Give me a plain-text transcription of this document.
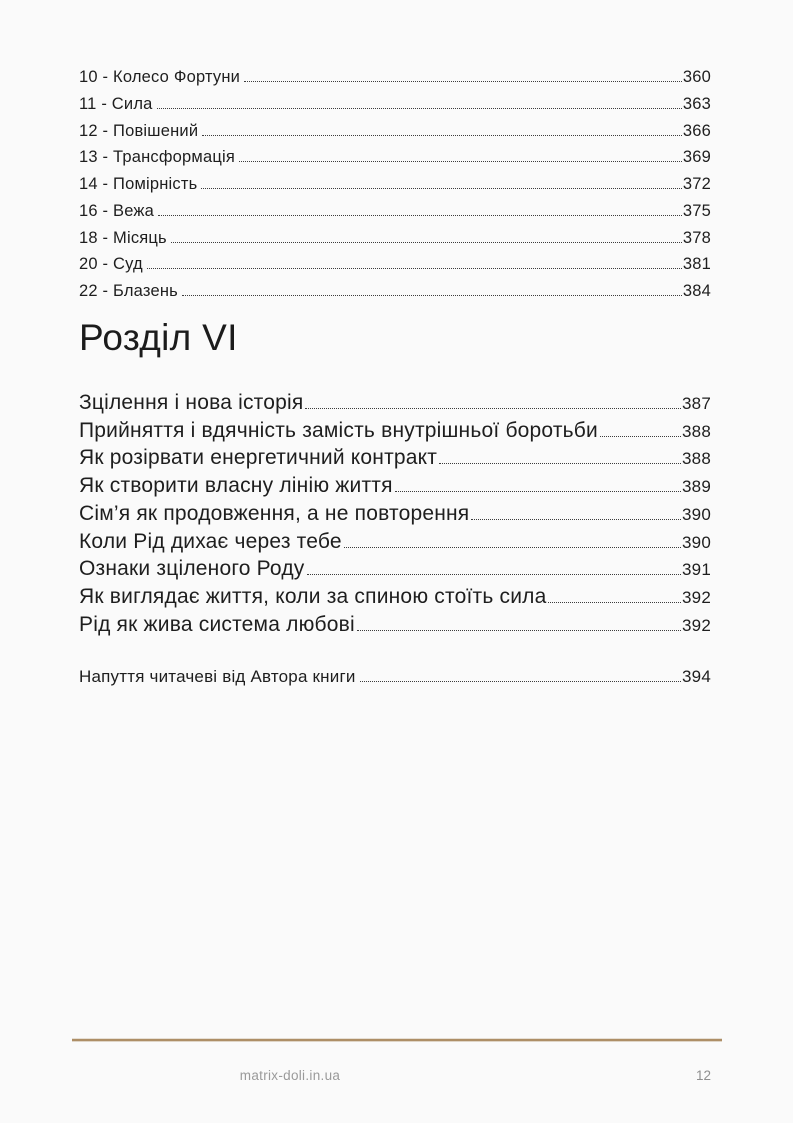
10 - Колесо Фортуни	360
11 - Сила	363
12 - Повішений	366
13 - Трансформація	369
14 - Помірність	372
16 - Вежа	375
18 - Місяць	378
20 - Суд	381
22 - Блазень	384
Розділ VI
Зцілення і нова історія	387
Прийняття і вдячність замість внутрішньої боротьби	388
Як розірвати енергетичний контракт	388
Як створити власну лінію життя	389
Сім’я як продовження, а не повторення	390
Коли Рід дихає через тебе	390
Ознаки зціленого Роду	391
Як виглядає життя, коли за спиною стоїть сила	392
Рід як жива система любові	392
Напуття читачеві від Автора книги	394
matrix-doli.in.ua	12
